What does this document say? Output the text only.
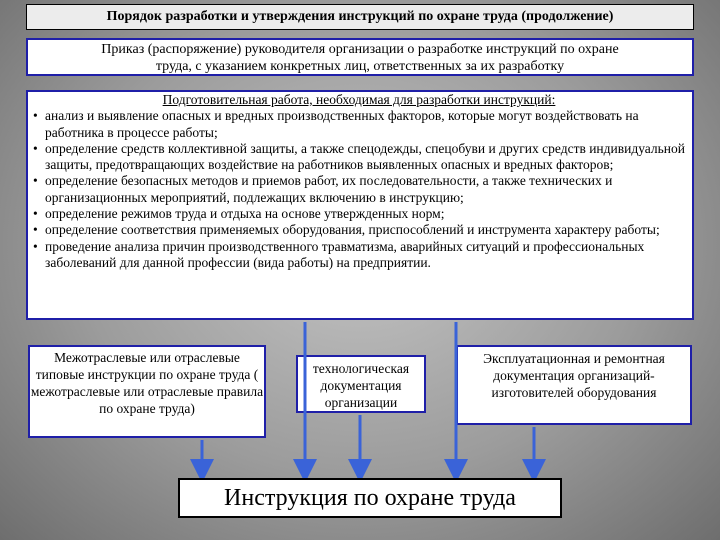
Порядок разработки и утверждения инструкций по охране труда (продолжение)
Приказ (распоряжение) руководителя организации о разработке инструкций по охране
труда, с указанием конкретных лиц, ответственных за их разработку
Подготовительная работа, необходимая для разработки инструкций:
• анализ и выявление опасных и вредных производственных факторов, которые могут воздействовать на работника в процессе работы;
• определение средств коллективной защиты, а также спецодежды, спецобуви и других средств индивидуальной защиты, предотвращающих воздействие на работников выявленных опасных и вредных факторов;
• определение безопасных методов и приемов работ, их последовательности, а также технических и организационных мероприятий, подлежащих включению в инструкцию;
• определение режимов труда и отдыха на основе утвержденных норм;
• определение соответствия применяемых оборудования, приспособлений и инструмента характеру работы;
• проведение анализа причин производственного травматизма, аварийных ситуаций и профессиональных заболеваний для данной профессии (вида работы) на предприятии.
Межотраслевые или отраслевые типовые инструкции по охране труда ( межотраслевые или отраслевые правила по охране труда)
технологическая документация организации
Эксплуатационная и ремонтная документация организаций-изготовителей оборудования
Инструкция по охране труда
